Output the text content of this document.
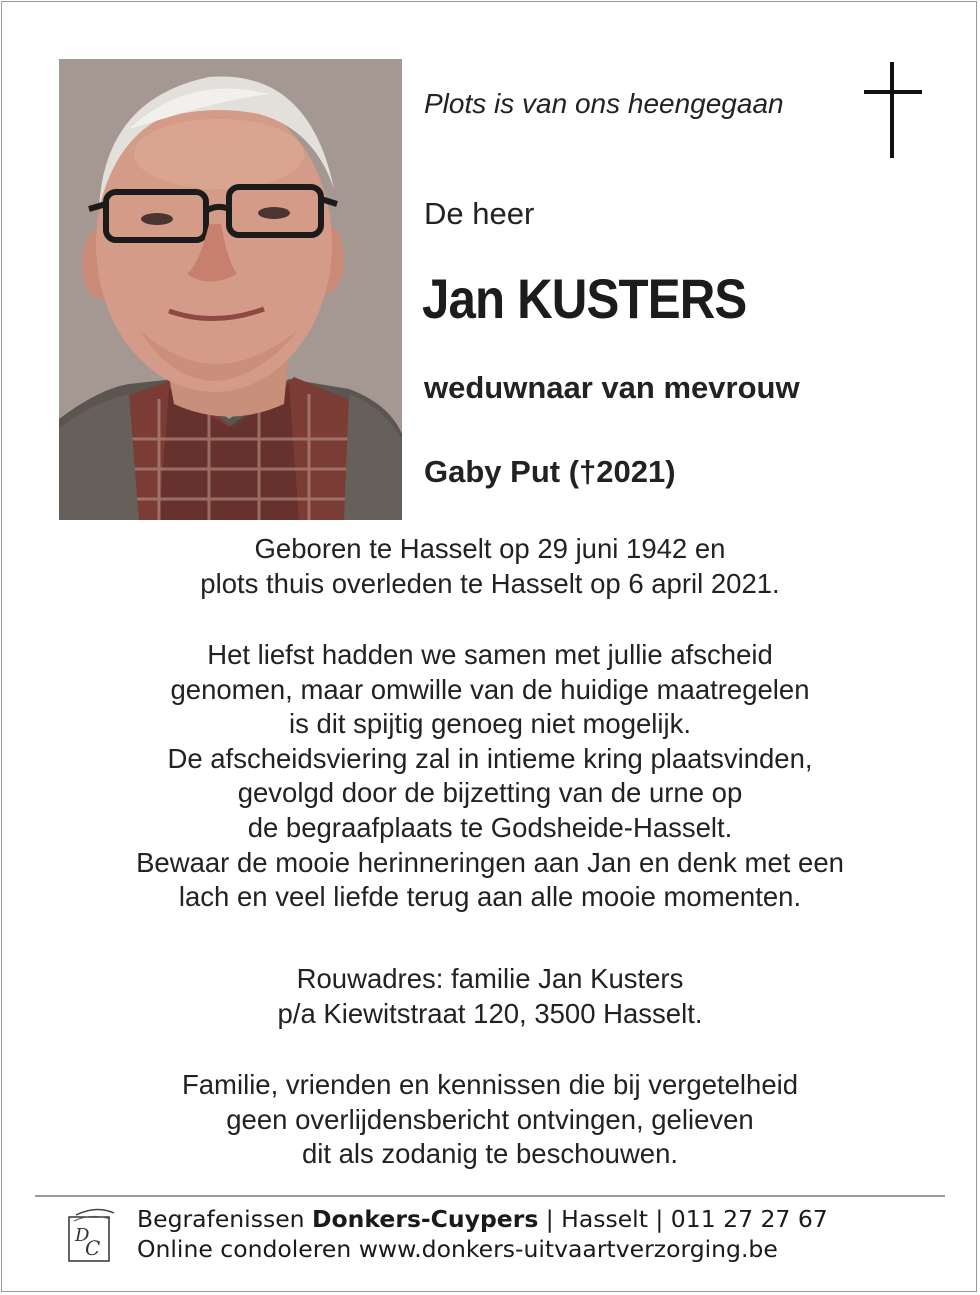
Plots is van ons heengegaan
De heer
Jan KUSTERS
weduwnaar van mevrouw
Gaby Put (†2021)
Geboren te Hasselt op 29 juni 1942 en
plots thuis overleden te Hasselt op 6 april 2021.
Het liefst hadden we samen met jullie afscheid
genomen, maar omwille van de huidige maatregelen
is dit spijtig genoeg niet mogelijk.
De afscheidsviering zal in intieme kring plaatsvinden,
gevolgd door de bijzetting van de urne op
de begraafplaats te Godsheide-Hasselt.
Bewaar de mooie herinneringen aan Jan en denk met een
lach en veel liefde terug aan alle mooie momenten.
Rouwadres: familie Jan Kusters
p/a Kiewitstraat 120, 3500 Hasselt.
Familie, vrienden en kennissen die bij vergetelheid
geen overlijdensbericht ontvingen, gelieven
dit als zodanig te beschouwen.
D
C
Begrafenissen Donkers-Cuypers | Hasselt | 011 27 27 67
Online condoleren www.donkers-uitvaartverzorging.be
